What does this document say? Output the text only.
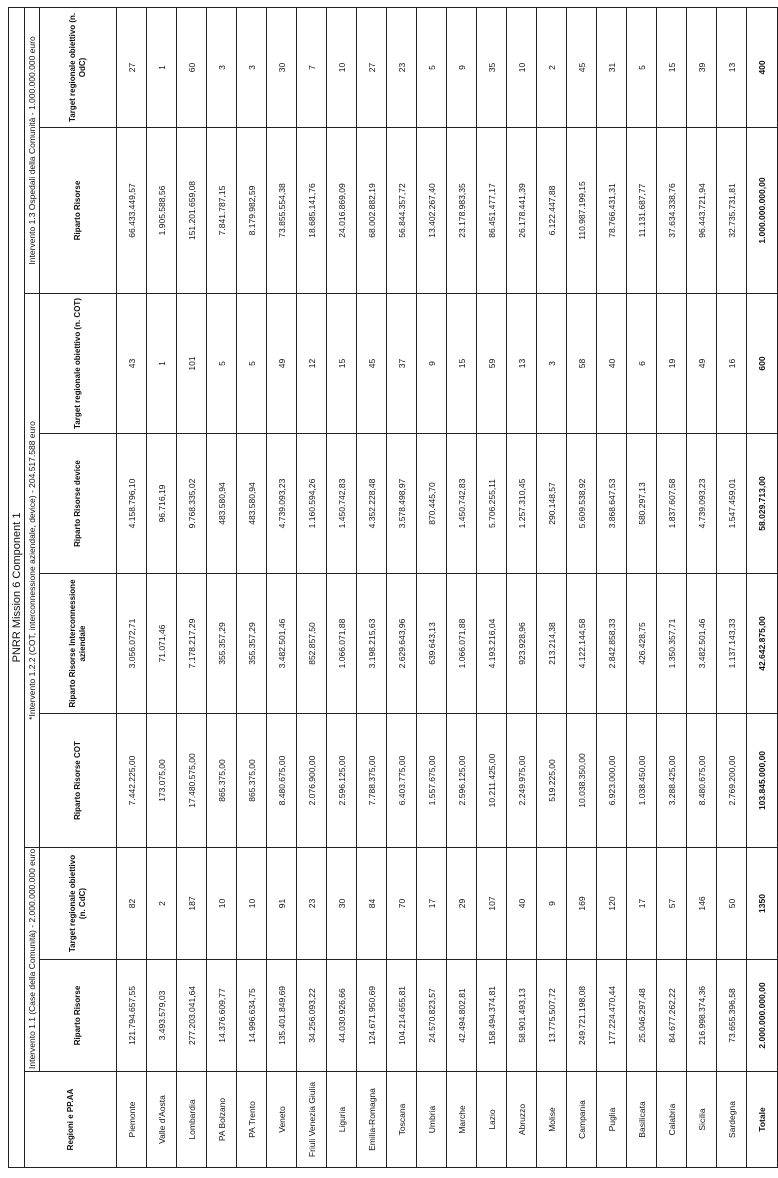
PNRR Mission 6 Component 1								
Regioni e PP.AA	Intervento 1.1 (Case della Comunità) - 2.000.000.000 euro		*Intervento 1.2.2 (COT, interconnessione aziendale, device) - 204.517.588 euro				Intervento 1.3 Ospedali della Comunità - 1.000.000.000 euro	
	Riparto Risorse	Target regionale obiettivo (n. CdC)	Riparto Risorse COT	Riparto Risorse Interconnessione aziendale	Riparto Risorse device	Target regionale obiettivo (n. COT)	Riparto Risorse	Target regionale obiettivo (n. OdC)
Piemonte	121.794.657,55	82	7.442.225,00	3.056.072,71	4.158.796,10	43	66.433.449,57	27
Valle d'Aosta	3.493.579,03	2	173.075,00	71.071,46	96.716,19	1	1.905.588,56	1
Lombardia	277.203.041,64	187	17.480.575,00	7.178.217,29	9.768.335,02	101	151.201.659,08	60
PA Bolzano	14.376.609,77	10	865.375,00	355.357,29	483.580,94	5	7.841.787,15	3
PA Trento	14.996.634,75	10	865.375,00	355.357,29	483.580,94	5	8.179.982,59	3
Veneto	135.401.849,69	91	8.480.675,00	3.482.501,46	4.739.093,23	49	73.855.554,38	30
Friuli Venezia Giulia	34.256.093,22	23	2.076.900,00	852.857,50	1.160.594,26	12	18.685.141,76	7
Liguria	44.030.926,66	30	2.596.125,00	1.066.071,88	1.450.742,83	15	24.016.869,09	10
Emilia-Romagna	124.671.950,69	84	7.788.375,00	3.198.215,63	4.352.228,48	45	68.002.882,19	27
Toscana	104.214.655,81	70	6.403.775,00	2.629.643,96	3.578.498,97	37	56.844.357,72	23
Umbria	24.570.823,57	17	1.557.675,00	639.643,13	870.445,70	9	13.402.267,40	5
Marche	42.494.802,81	29	2.596.125,00	1.066.071,88	1.450.742,83	15	23.178.983,35	9
Lazio	158.494.374,81	107	10.211.425,00	4.193.216,04	5.706.255,11	59	86.451.477,17	35
Abruzzo	58.901.493,13	40	2.249.975,00	923.928,96	1.257.310,45	13	26.178.441,39	10
Molise	13.775.507,72	9	519.225,00	213.214,38	290.148,57	3	6.122.447,88	2
Campania	249.721.198,08	169	10.038.350,00	4.122.144,58	5.609.538,92	58	110.987.199,15	45
Puglia	177.224.470,44	120	6.923.000,00	2.842.858,33	3.868.647,53	40	78.766.431,31	31
Basilicata	25.046.297,48	17	1.038.450,00	426.428,75	580.297,13	6	11.131.687,77	5
Calabria	84.677.262,22	57	3.288.425,00	1.350.357,71	1.837.607,58	19	37.634.338,76	15
Sicilia	216.998.374,36	146	8.480.675,00	3.482.501,46	4.739.093,23	49	96.443.721,94	39
Sardegna	73.655.396,58	50	2.769.200,00	1.137.143,33	1.547.459,01	16	32.735.731,81	13
Totale	2.000.000.000,00	1350	103.845.000,00	42.642.875,00	58.029.713,00	600	1.000.000.000,00	400
